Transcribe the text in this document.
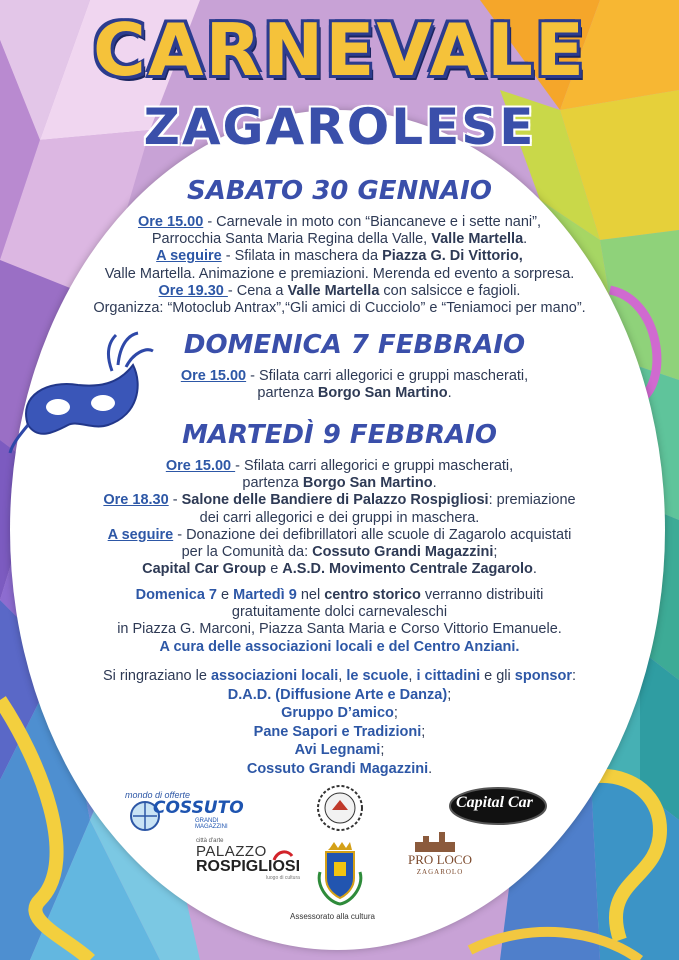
CARNEVALE
ZAGAROLESE
SABATO 30 GENNAIO
Ore 15.00 - Carnevale in moto con “Biancaneve e i sette nani”,
Parrocchia Santa Maria Regina della Valle, Valle Martella.
A seguire - Sfilata in maschera da Piazza G. Di Vittorio,
Valle Martella. Animazione e premiazioni. Merenda ed evento a sorpresa.
Ore 19.30 - Cena a Valle Martella con salsicce e fagioli.
Organizza: “Motoclub Antrax”,“Gli amici di Cucciolo” e “Teniamoci per mano”.
DOMENICA 7 FEBBRAIO
Ore 15.00 - Sfilata carri allegorici e gruppi mascherati,
partenza Borgo San Martino.
MARTEDÌ 9 FEBBRAIO
Ore 15.00 - Sfilata carri allegorici e gruppi mascherati,
partenza Borgo San Martino.
Ore 18.30 - Salone delle Bandiere di Palazzo Rospigliosi: premiazione
dei carri allegorici e dei gruppi in maschera.
A seguire - Donazione dei defibrillatori alle scuole di Zagarolo acquistati
per la Comunità da: Cossuto Grandi Magazzini;
Capital Car Group e A.S.D. Movimento Centrale Zagarolo.
Domenica 7 e Martedì 9 nel centro storico verranno distribuiti
gratuitamente dolci carnevaleschi
in Piazza G. Marconi, Piazza Santa Maria e Corso Vittorio Emanuele.
A cura delle associazioni locali e del Centro Anziani.
Si ringraziano le associazioni locali, le scuole, i cittadini e gli sponsor:
D.A.D. (Diffusione Arte e Danza);
Gruppo D’amico;
Pane Sapori e Tradizioni;
Avi Legnami;
Cossuto Grandi Magazzini.
mondo di offerte
COSSUTO
GRANDI MAGAZZINI
Capital Car
città d'arte
PALAZZO
ROSPIGLIOSI
luogo di cultura
Assessorato alla cultura
PRO LOCO
ZAGAROLO
